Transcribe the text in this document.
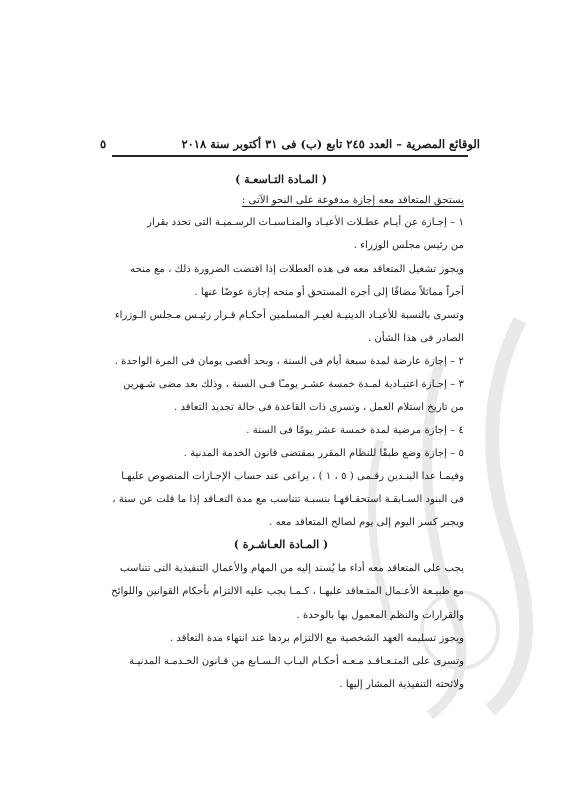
الوقائع المصرية – العدد ٢٤٥ تابع (ب) فى ٣١ أكتوبر سنة ٢٠١٨
٥
( المـادة التـاسعـة )
يستحق المتعاقد معه إجازة مدفوعة على النحو الآتى :
١ – إجـازة عن أيـام عطـلات الأعيـاد والمنـاسبـات الرسـميـة التى تحدد بقرار
من رئيس مجلس الوزراء .
ويجوز تشغيل المتعاقد معه فى هذه العطلات إذا اقتضت الضرورة ذلك ، مع منحه
أجراً مماثلاً مضافًا إلى أجره المستحق أو منحه إجازة عوضًا عنها .
وتسرى بالنسبة للأعيـاد الدينيـة لغيـر المسلمين أحكـام قـرار رئيـس مـجلس الـوزراء
الصادر فى هذا الشأن .
٢ – إجازة عارضة لمدة سبعة أيام فى السنة ، وبحد أقصى يومان فى المرة الواحدة .
٣ – إجـازة اعتيـادية لمـدة خمسة عشـر يومـًا فـى السنة ، وذلك بعد مضى شـهرين
من تاريخ استلام العمل ، وتسرى ذات القاعدة فى حالة تجديد التعاقد .
٤ – إجازة مرضية لمدة خمسة عشر يومًا فى السنة .
٥ – إجازة وضع طبقًا للنظام المقرر بمقتضى قانون الخدمة المدنية .
وفيمـا عدا البنـدين رقـمى ( ٥ ، ١ ) ، يراعى عند حساب الإجـازات المنصوص عليهـا
فى البنود السـابقـة استحقـاقهـا بنسبـة تتناسب مع مدة التعـاقد إذا ما قلت عن سنة ،
ويجبر كسر اليوم إلى يوم لصالح المتعاقد معه .
( المـادة العـاشـرة )
يجب على المتعاقد معه أداء ما يُسند إليه من المهام والأعمال التنفيذية التى تتناسب
مع طبيـعة الأعـمال المتـعاقد عليهـا ، كـمـا يجب عليه الالتزام بأحكام القوانين واللوائح
والقرارات والنظم المعمول بها بالوحدة .
ويجوز تسليمه العهد الشخصية مع الالتزام بردها عند انتهاء مدة التعاقد .
وتسرى على المتـعـاقـد مـعـه أحكـام البـاب الـسـابع من قـانون الخـدمـة المدنيـة
ولائحته التنفيذية المشار إليها .
